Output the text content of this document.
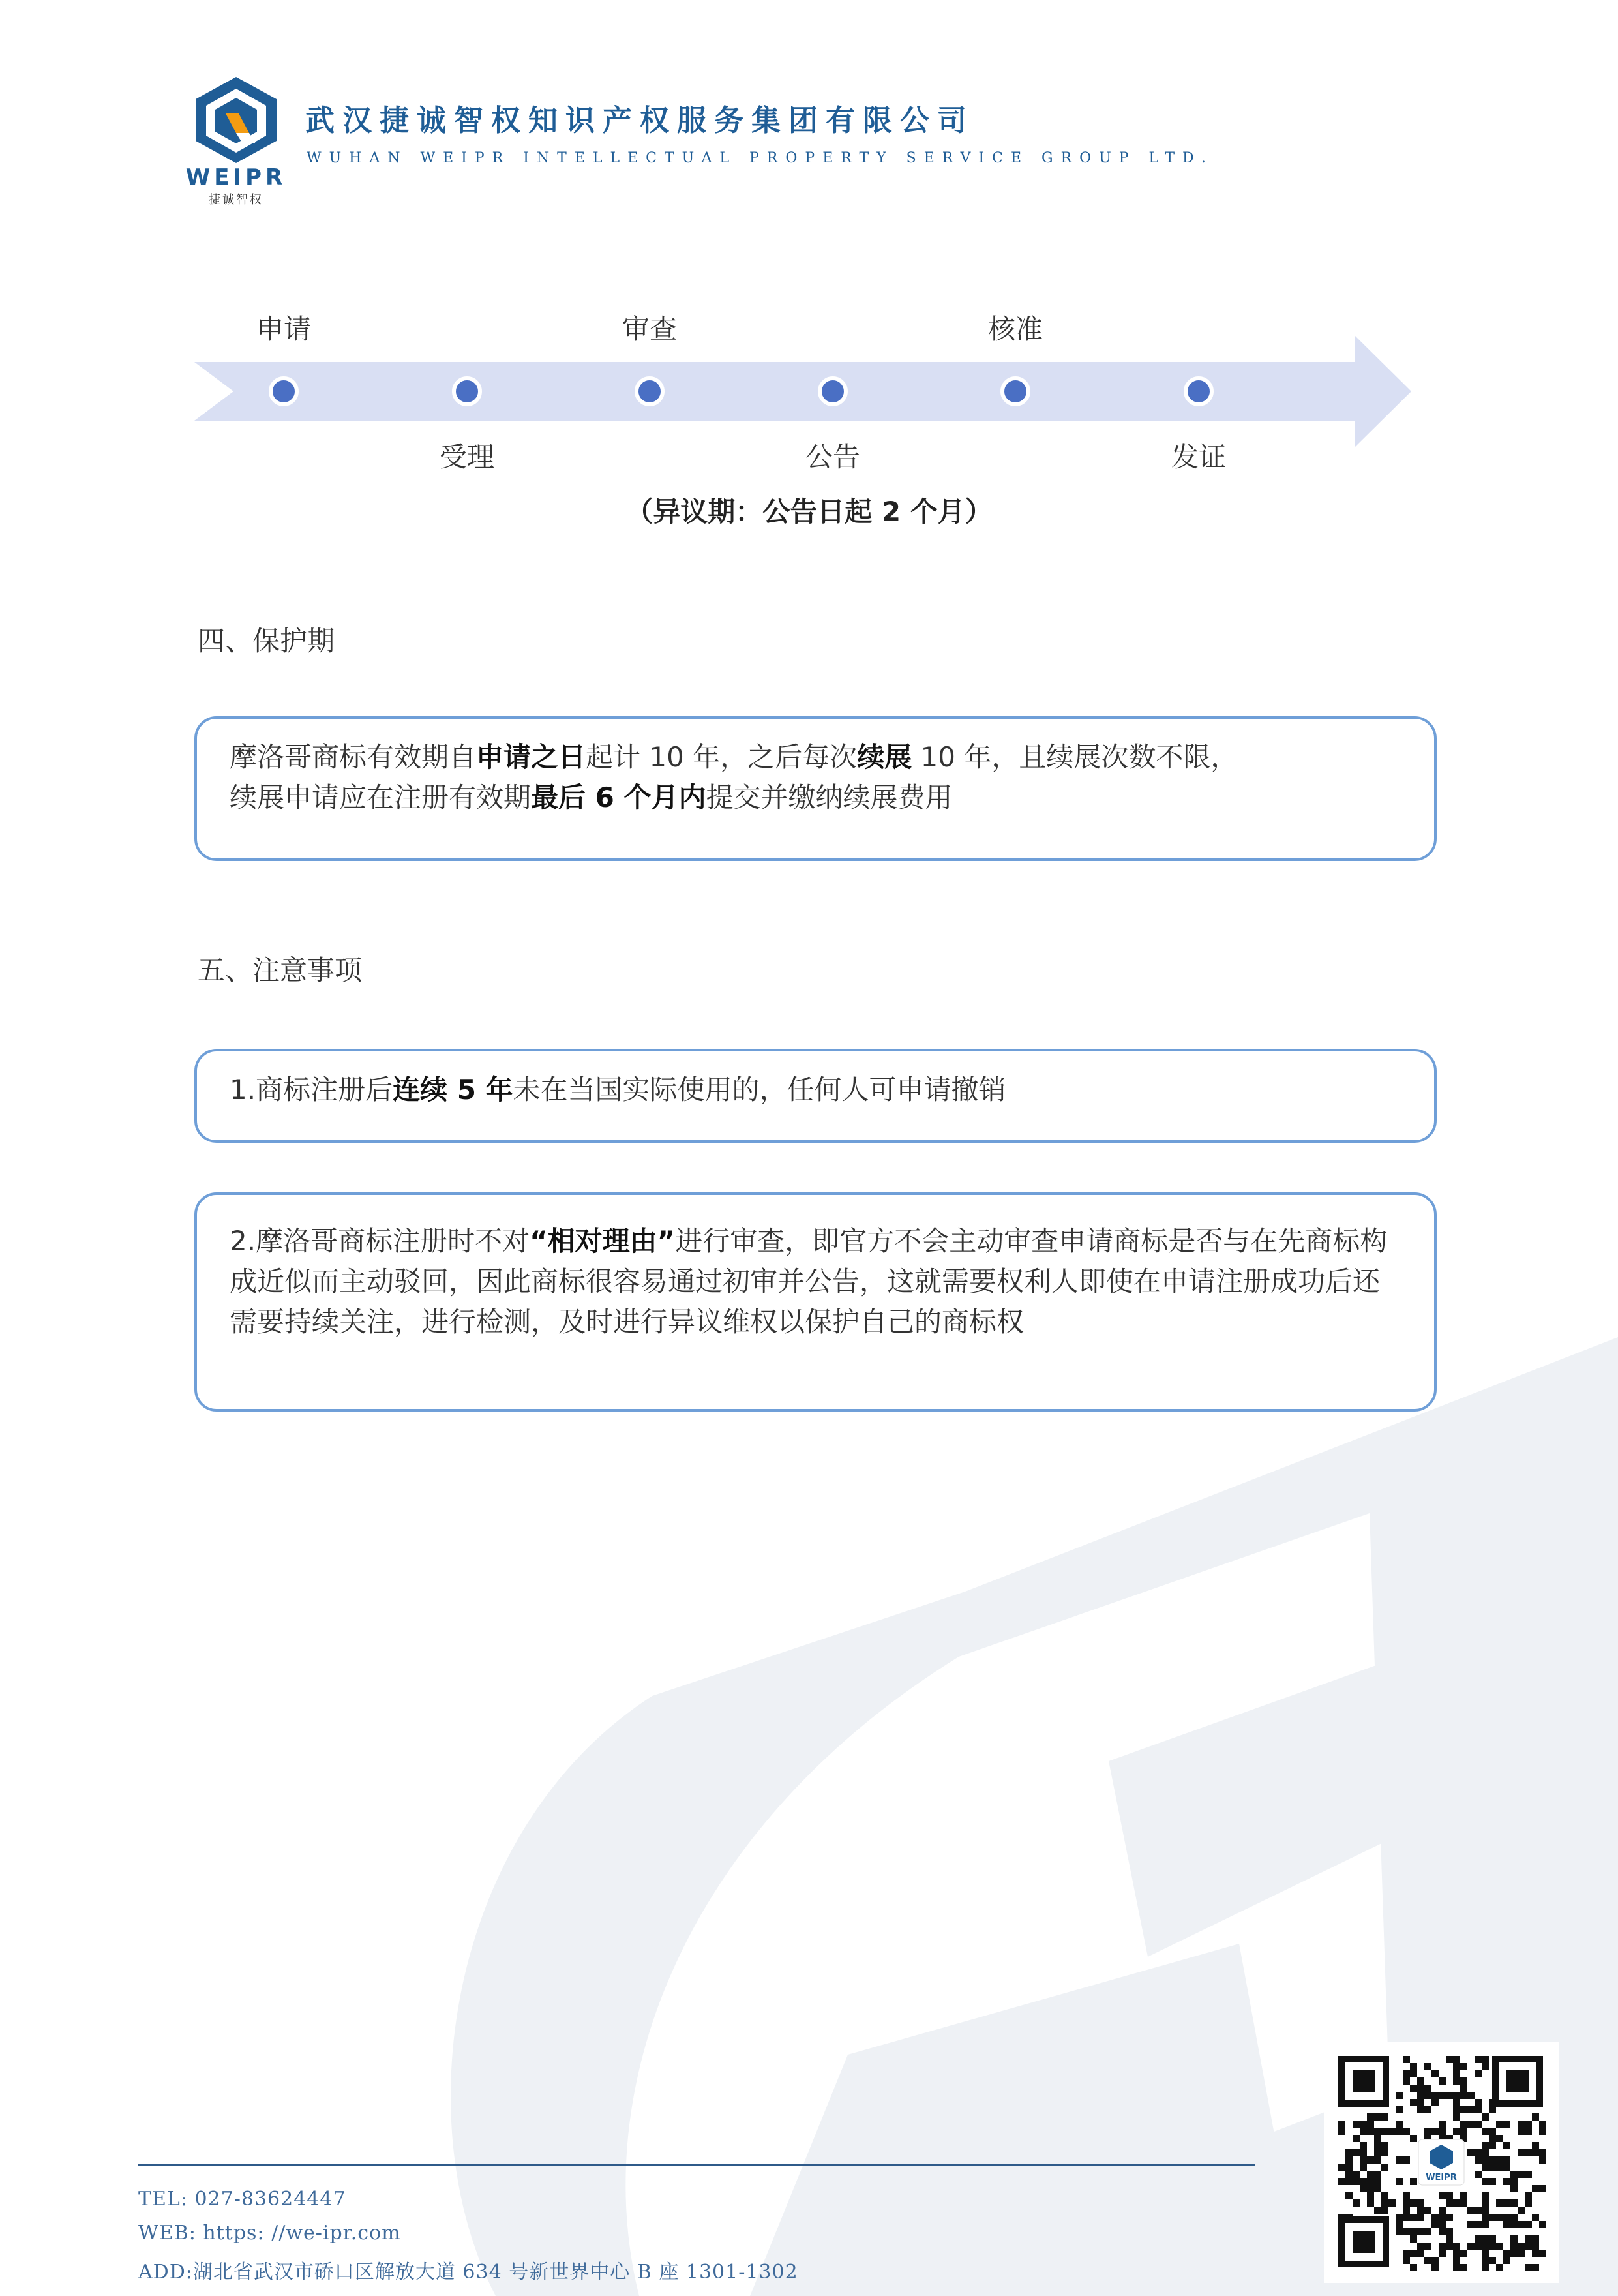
WEIPR
捷诚智权
武汉捷诚智权知识产权服务集团有限公司
WUHAN WEIPR INTELLECTUAL PROPERTY SERVICE GROUP LTD.
申请	审查	核准
受理	公告	发证
（异议期：公告日起 2 个月）
四、保护期
摩洛哥商标有效期自申请之日起计 10 年，之后每次续展 10 年，且续展次数不限，
续展申请应在注册有效期最后 6 个月内提交并缴纳续展费用
五、注意事项
1.商标注册后连续 5 年未在当国实际使用的，任何人可申请撤销
2.摩洛哥商标注册时不对“相对理由”进行审查，即官方不会主动审查申请商标是否与在先商标构成近似而主动驳回，因此商标很容易通过初审并公告，这就需要权利人即使在申请注册成功后还需要持续关注，进行检测，及时进行异议维权以保护自己的商标权
TEL: 027-83624447
WEB: https: //we-ipr.com
ADD:湖北省武汉市硚口区解放大道 634 号新世界中心 B 座 1301-1302
WEIPR
